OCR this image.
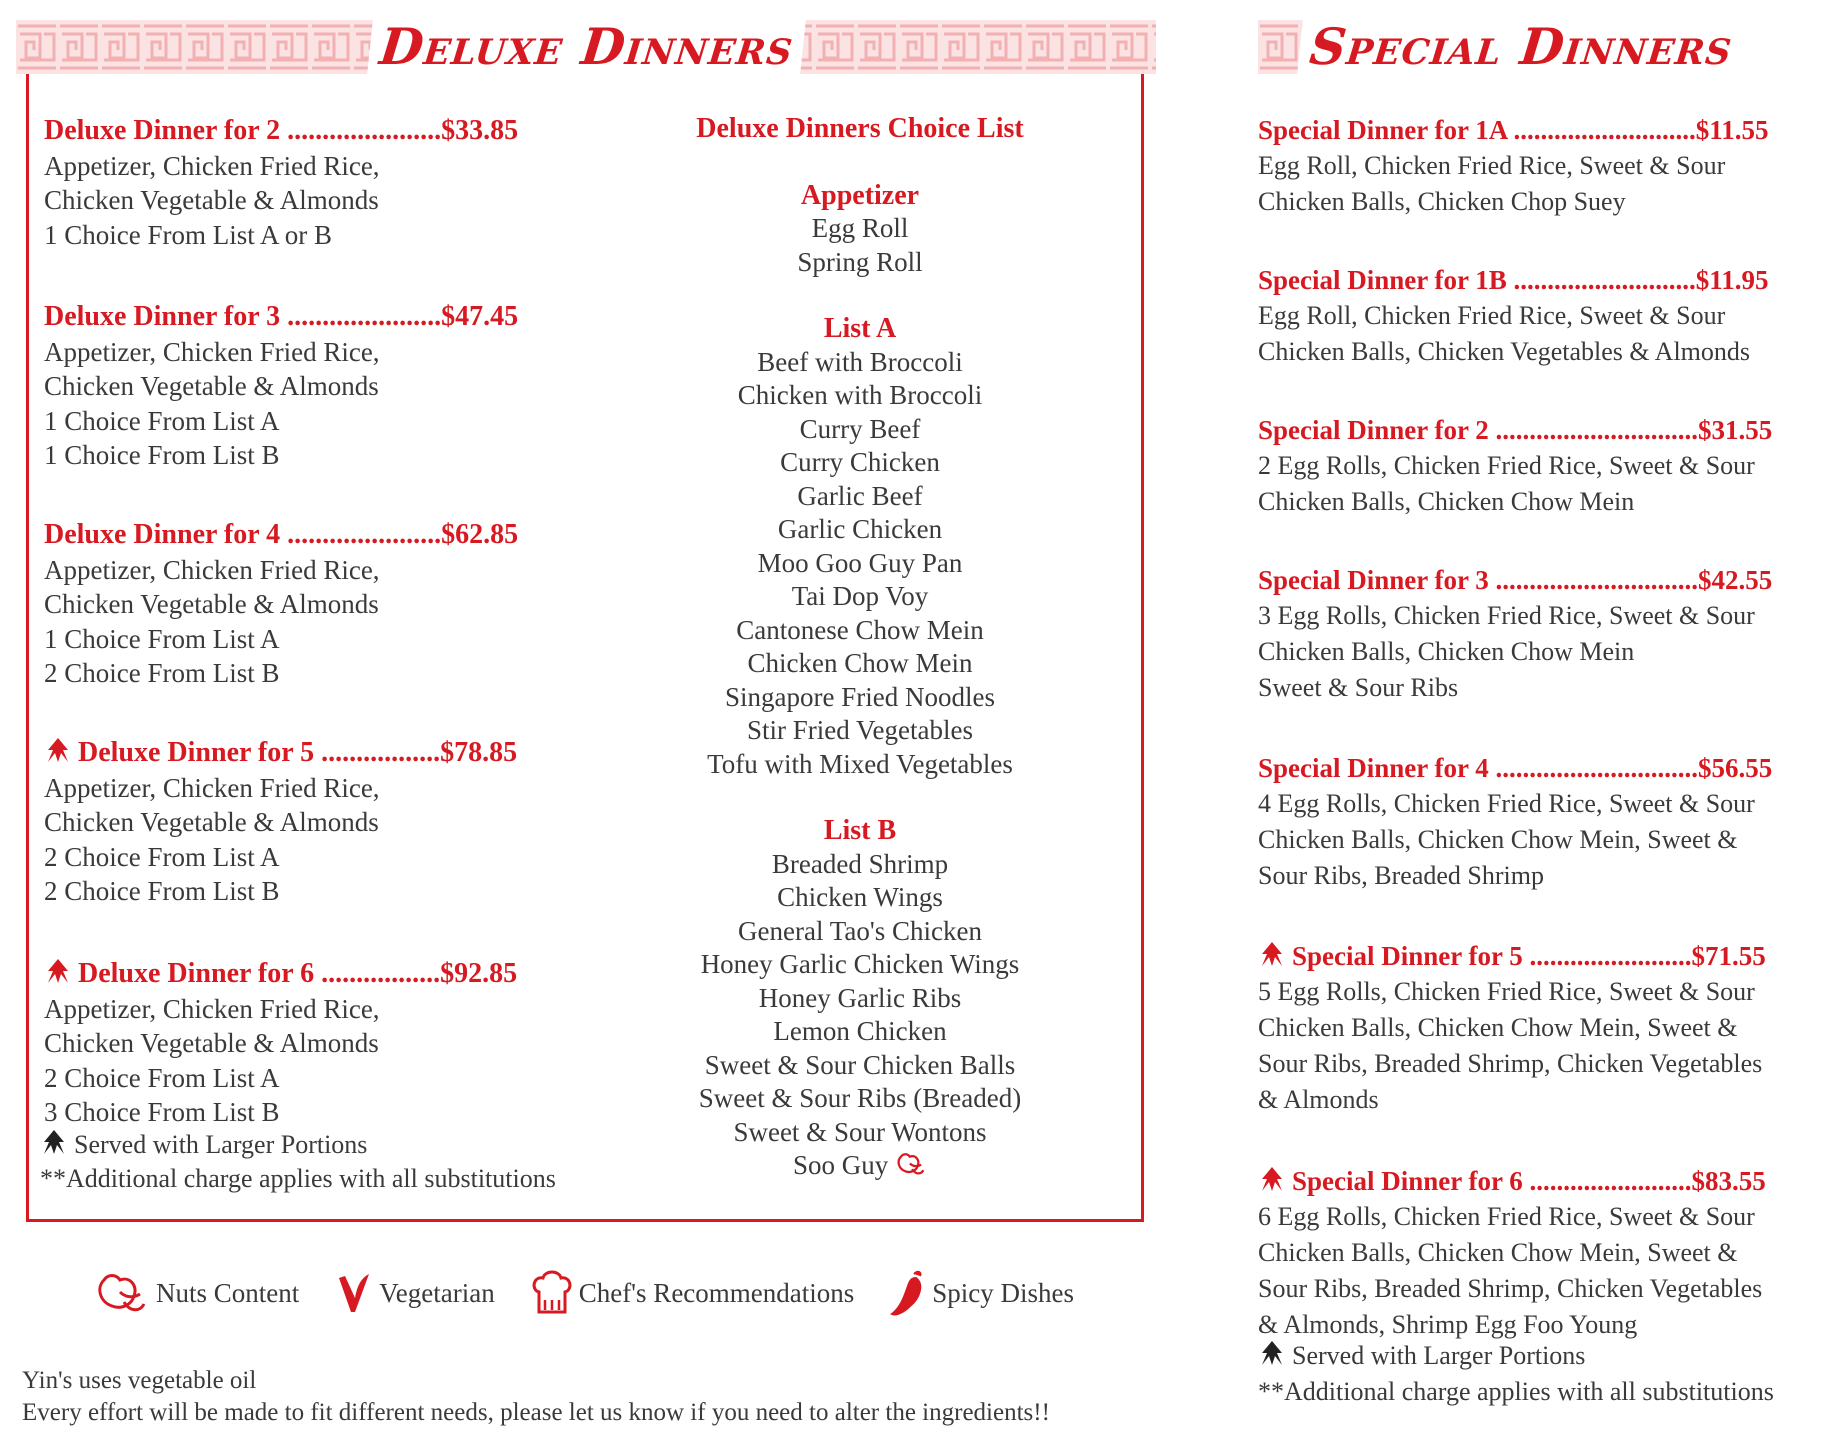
Deluxe Dinners	Special Dinners
Deluxe Dinner for 2 ......................$33.85
Appetizer, Chicken Fried Rice,
Chicken Vegetable & Almonds
1 Choice From List A or B
Deluxe Dinner for 3 ......................$47.45
Appetizer, Chicken Fried Rice,
Chicken Vegetable & Almonds
1 Choice From List A
1 Choice From List B
Deluxe Dinner for 4 ......................$62.85
Appetizer, Chicken Fried Rice,
Chicken Vegetable & Almonds
1 Choice From List A
2 Choice From List B
Deluxe Dinner for 5 .................$78.85
Appetizer, Chicken Fried Rice,
Chicken Vegetable & Almonds
2 Choice From List A
2 Choice From List B
Deluxe Dinner for 6 .................$92.85
Appetizer, Chicken Fried Rice,
Chicken Vegetable & Almonds
2 Choice From List A
3 Choice From List B
Deluxe Dinners Choice List
Appetizer
Egg Roll
Spring Roll
List A
Beef with Broccoli
Chicken with Broccoli
Curry Beef
Curry Chicken
Garlic Beef
Garlic Chicken
Moo Goo Guy Pan
Tai Dop Voy
Cantonese Chow Mein
Chicken Chow Mein
Singapore Fried Noodles
Stir Fried Vegetables
Tofu with Mixed Vegetables
List B
Breaded Shrimp
Chicken Wings
General Tao's Chicken
Honey Garlic Chicken Wings
Honey Garlic Ribs
Lemon Chicken
Sweet & Sour Chicken Balls
Sweet & Sour Ribs (Breaded)
Sweet & Sour Wontons
Soo Guy
Served with Larger Portions
**Additional charge applies with all substitutions
Nuts Content	Vegetarian	Chef's Recommendations	Spicy Dishes
Yin's uses vegetable oil
Every effort will be made to fit different needs, please let us know if you need to alter the ingredients!!
Special Dinner for 1A ...........................$11.55
Egg Roll, Chicken Fried Rice, Sweet & Sour
Chicken Balls, Chicken Chop Suey
Special Dinner for 1B ...........................$11.95
Egg Roll, Chicken Fried Rice, Sweet & Sour
Chicken Balls, Chicken Vegetables & Almonds
Special Dinner for 2 ..............................$31.55
2 Egg Rolls, Chicken Fried Rice, Sweet & Sour
Chicken Balls, Chicken Chow Mein
Special Dinner for 3 ..............................$42.55
3 Egg Rolls, Chicken Fried Rice, Sweet & Sour
Chicken Balls, Chicken Chow Mein
Sweet & Sour Ribs
Special Dinner for 4 ..............................$56.55
4 Egg Rolls, Chicken Fried Rice, Sweet & Sour
Chicken Balls, Chicken Chow Mein, Sweet &
Sour Ribs, Breaded Shrimp
Special Dinner for 5 ........................$71.55
5 Egg Rolls, Chicken Fried Rice, Sweet & Sour
Chicken Balls, Chicken Chow Mein, Sweet &
Sour Ribs, Breaded Shrimp, Chicken Vegetables
& Almonds
Special Dinner for 6 ........................$83.55
6 Egg Rolls, Chicken Fried Rice, Sweet & Sour
Chicken Balls, Chicken Chow Mein, Sweet &
Sour Ribs, Breaded Shrimp, Chicken Vegetables
& Almonds, Shrimp Egg Foo Young
Served with Larger Portions
**Additional charge applies with all substitutions
